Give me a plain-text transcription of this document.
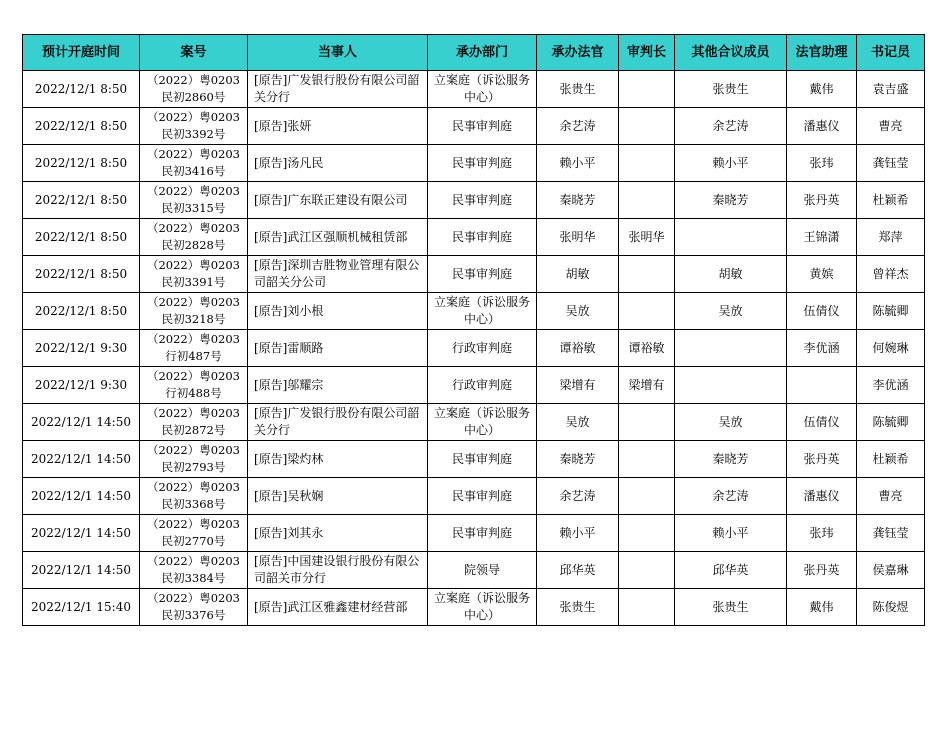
预计开庭时间	案号	当事人	承办部门	承办法官	审判长	其他合议成员	法官助理	书记员
2022/12/1 8:50	（2022）粤0203民初2860号	[原告]广发银行股份有限公司韶关分行	立案庭（诉讼服务中心）	张贵生		张贵生	戴伟	袁吉盛
2022/12/1 8:50	（2022）粤0203民初3392号	[原告]张妍	民事审判庭	余艺涛		余艺涛	潘惠仪	曹亮
2022/12/1 8:50	（2022）粤0203民初3416号	[原告]汤凡民	民事审判庭	赖小平		赖小平	张玮	龚钰莹
2022/12/1 8:50	（2022）粤0203民初3315号	[原告]广东联正建设有限公司	民事审判庭	秦晓芳		秦晓芳	张丹英	杜颖希
2022/12/1 8:50	（2022）粤0203民初2828号	[原告]武江区强顺机械租赁部	民事审判庭	张明华	张明华		王锦潇	郑萍
2022/12/1 8:50	（2022）粤0203民初3391号	[原告]深圳吉胜物业管理有限公司韶关分公司	民事审判庭	胡敏		胡敏	黄嫔	曾祥杰
2022/12/1 8:50	（2022）粤0203民初3218号	[原告]刘小根	立案庭（诉讼服务中心）	吴放		吴放	伍倩仪	陈毓卿
2022/12/1 9:30	（2022）粤0203行初487号	[原告]雷顺路	行政审判庭	谭裕敏	谭裕敏		李优涵	何婉琳
2022/12/1 9:30	（2022）粤0203行初488号	[原告]邬耀宗	行政审判庭	梁增有	梁增有			李优涵
2022/12/1 14:50	（2022）粤0203民初2872号	[原告]广发银行股份有限公司韶关分行	立案庭（诉讼服务中心）	吴放		吴放	伍倩仪	陈毓卿
2022/12/1 14:50	（2022）粤0203民初2793号	[原告]梁灼林	民事审判庭	秦晓芳		秦晓芳	张丹英	杜颖希
2022/12/1 14:50	（2022）粤0203民初3368号	[原告]吴秋娴	民事审判庭	余艺涛		余艺涛	潘惠仪	曹亮
2022/12/1 14:50	（2022）粤0203民初2770号	[原告]刘其永	民事审判庭	赖小平		赖小平	张玮	龚钰莹
2022/12/1 14:50	（2022）粤0203民初3384号	[原告]中国建设银行股份有限公司韶关市分行	院领导	邱华英		邱华英	张丹英	侯嘉琳
2022/12/1 15:40	（2022）粤0203民初3376号	[原告]武江区雅鑫建材经营部	立案庭（诉讼服务中心）	张贵生		张贵生	戴伟	陈俊煜
